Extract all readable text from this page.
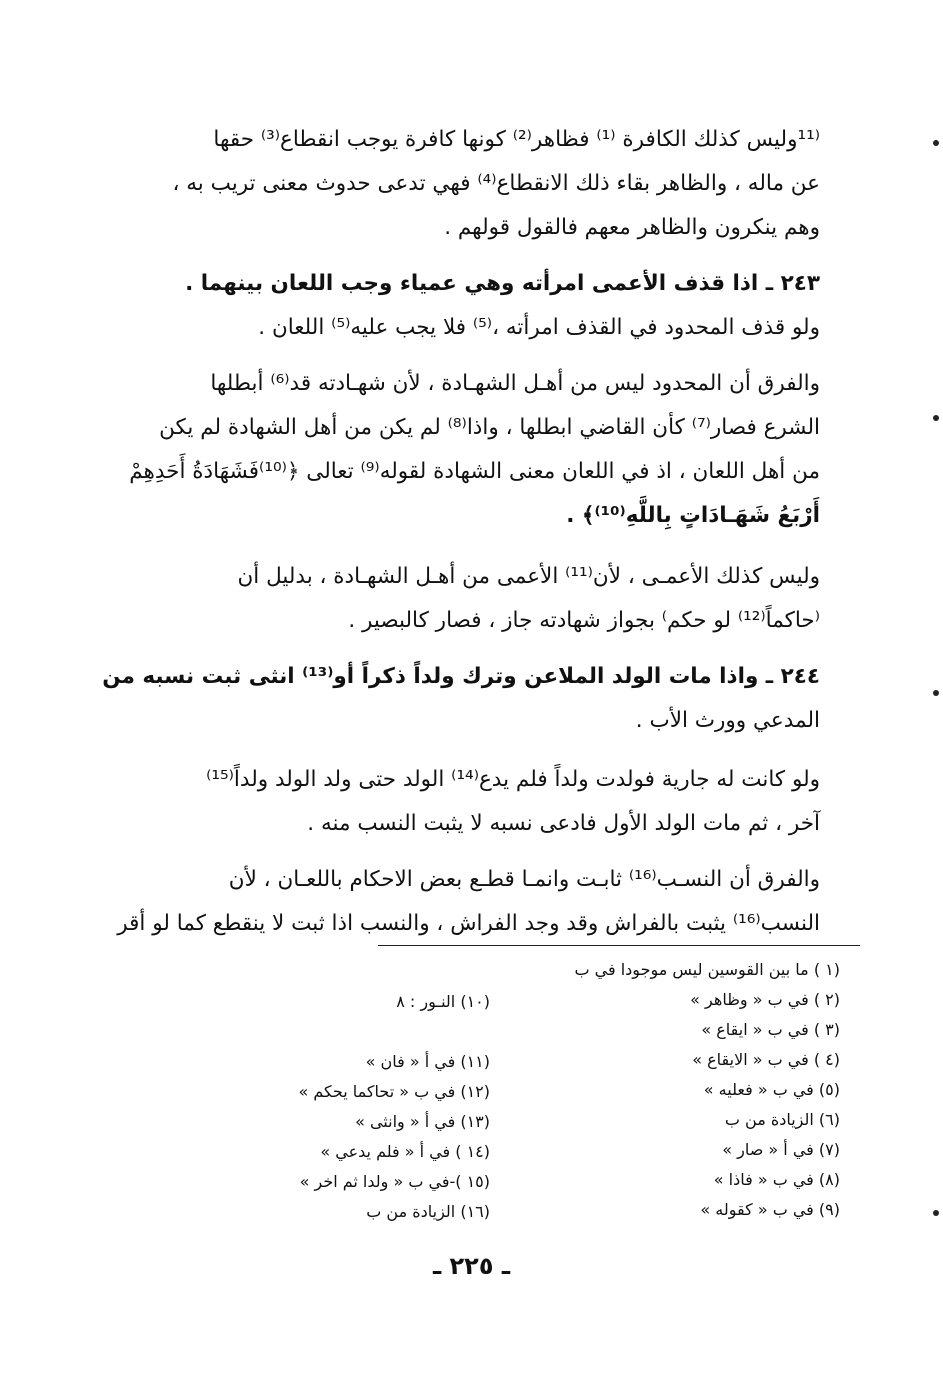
⁽¹¹وليس كذلك الكافرة ⁽¹⁾ فظاهر⁽²⁾ كونها كافرة يوجب انقطاع⁽³⁾ حقها
عن ماله ، والظاهر بقاء ذلك الانقطاع⁽⁴⁾ فهي تدعى حدوث معنى تريب به ،
وهم ينكرون والظاهر معهم فالقول قولهم .
٢٤٣ ـ اذا قذف الأعمى امرأته وهي عمياء وجب اللعان بينهما .
ولو قذف المحدود في القذف امرأته ،⁽⁵⁾ فلا يجب عليه⁽⁵⁾ اللعان .
والفرق أن المحدود ليس من أهـل الشهـادة ، لأن شهـادته قد⁽⁶⁾ أبطلها
الشرع فصار⁽⁷⁾ كأن القاضي ابطلها ، واذا⁽⁸⁾ لم يكن من أهل الشهادة لم يكن
من أهل اللعان ، اذ في اللعان معنى الشهادة لقوله⁽⁹⁾ تعالى ﴿⁽¹⁰⁾فَشَهَادَةُ أَحَدِهِمْ
أَرْبَعُ شَهَـادَاتٍ بِاللَّهِ⁽¹⁰⁾﴾ .
وليس كذلك الأعمـى ، لأن⁽¹¹⁾ الأعمى من أهـل الشهـادة ، بدليل أن
⁽حاكماً⁽¹²⁾ لو حكم⁾ بجواز شهادته جاز ، فصار كالبصير .
٢٤٤ ـ واذا مات الولد الملاعن وترك ولداً ذكراً أو⁽¹³⁾ انثى ثبت نسبه من
المدعي وورث الأب .
ولو كانت له جارية فولدت ولداً فلم يدع⁽¹⁴⁾ الولد حتى ولد الولد ولداً⁽¹⁵⁾
آخر ، ثم مات الولد الأول فادعى نسبه لا يثبت النسب منه .
والفرق أن النسـب⁽¹⁶⁾ ثابـت وانمـا قطـع بعض الاحكام باللعـان ، لأن
النسب⁽¹⁶⁾ يثبت بالفراش وقد وجد الفراش ، والنسب اذا ثبت لا ينقطع كما لو أقر
(١ ) ما بين القوسين ليس موجودا في ب
(٢ ) في ب « وظاهر »
(٣ ) في ب « ايقاع »
(٤ ) في ب « الايقاع »
(٥) في ب « فعليه »
(٦) الزيادة من ب
(٧) في أ « صار »
(٨) في ب « فاذا »
(٩) في ب « كقوله »
(١٠) النـور : ٨

(١١) في أ « فان »
(١٢) في ب « تحاكما يحكم »
(١٣) في أ « وانثى »
(١٤ ) في أ « فلم يدعي »
(١٥ )-في ب « ولدا ثم اخر »
(١٦) الزيادة من ب
ـ ٢٢٥ ـ
